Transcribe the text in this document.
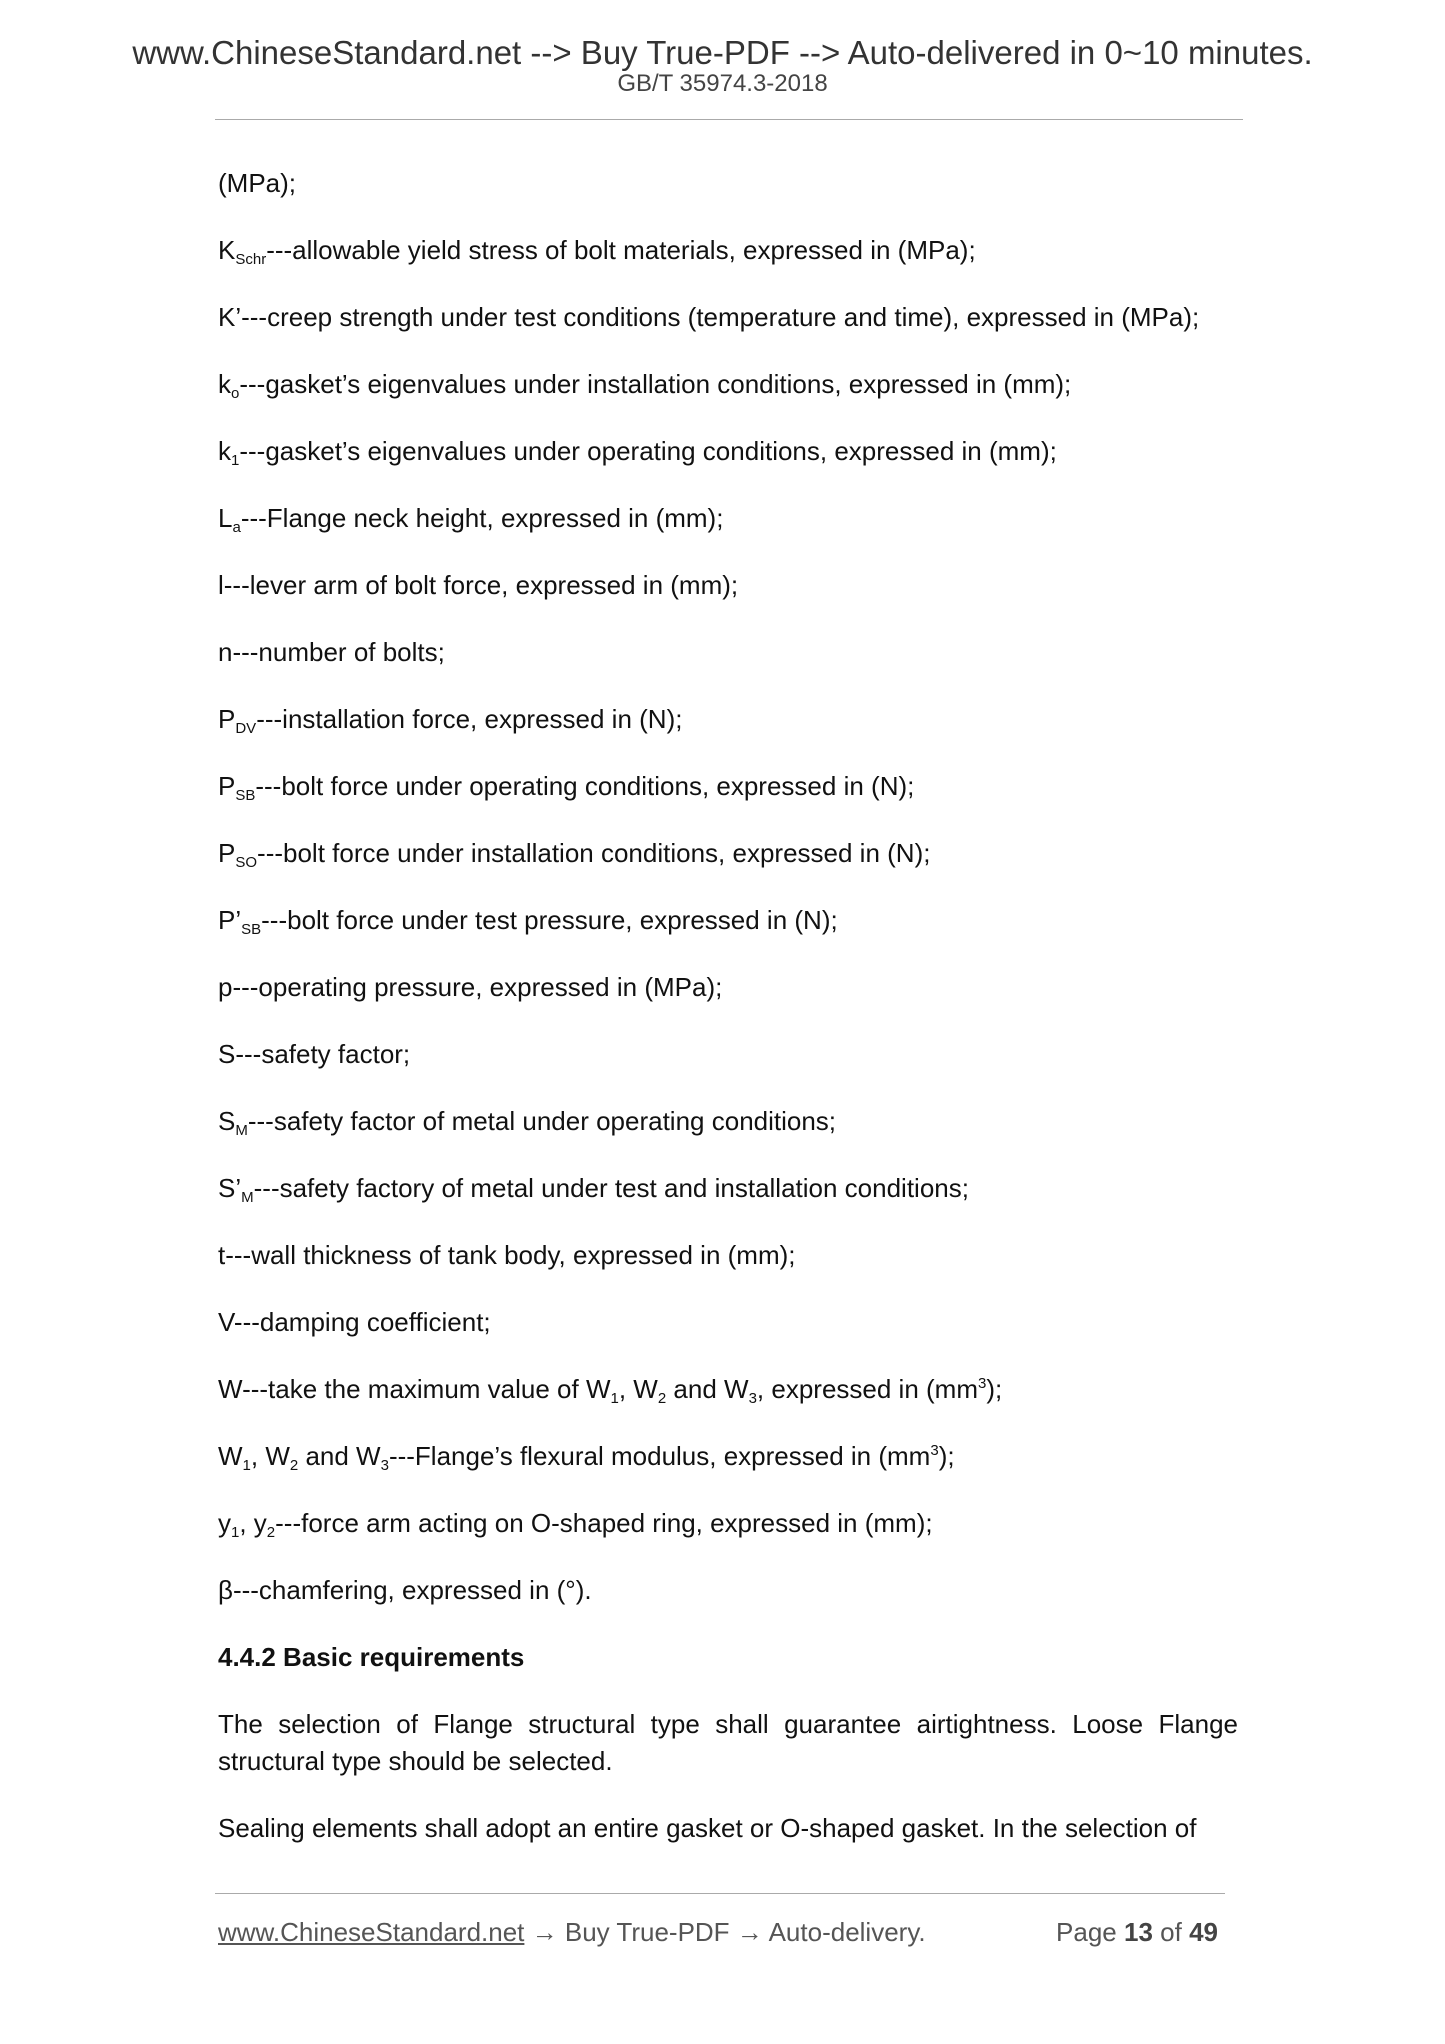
www.ChineseStandard.net --> Buy True-PDF --> Auto-delivered in 0~10 minutes.
GB/T 35974.3-2018
(MPa);
$K_{Schr}--$-allowable yield stress of bolt materials, expressed in (MPa);
K’---creep strength under test conditions (temperature and time), expressed in (MPa);
$k_o---gasket’s$ eigenvalues under installation conditions, expressed in (mm);
$k_1---gasket’s$ eigenvalues under operating conditions, expressed in (mm);
$L_a--$-Flange neck height, expressed in (mm);
l---lever arm of bolt force, expressed in (mm);
n---number of bolts;
$P_{DV}--$-installation force, expressed in (N);
$P_{SB}--$-bolt force under operating conditions, expressed in (N);
$P_{SO}--$-bolt force under installation conditions, expressed in (N);
$P’_{SB}--$-bolt force under test pressure, expressed in (N);
p---operating pressure, expressed in (MPa);
S---safety factor;
$S_M--$-safety factor of metal under operating conditions;
$S’_M--$-safety factory of metal under test and installation conditions;
t---wall thickness of tank body, expressed in (mm);
V---damping coefficient;
W---take the maximum value of $W_1$, $W_2$ and $W_3$, expressed in $(mm^3)$;
$W_1$, $W_2$ and $W_3---Flange’s$ flexural modulus, expressed in $(mm^3)$;
$y_1$, $y_2--$-force arm acting on O-shaped ring, expressed in (mm);
β---chamfering, expressed in (°).
4.4.2 Basic requirements
The selection of Flange structural type shall guarantee airtightness. Loose Flange structural type should be selected.
Sealing elements shall adopt an entire gasket or O-shaped gasket. In the selection of
www.ChineseStandard.net → Buy True-PDF → Auto-delivery.	Page 13 of 49
